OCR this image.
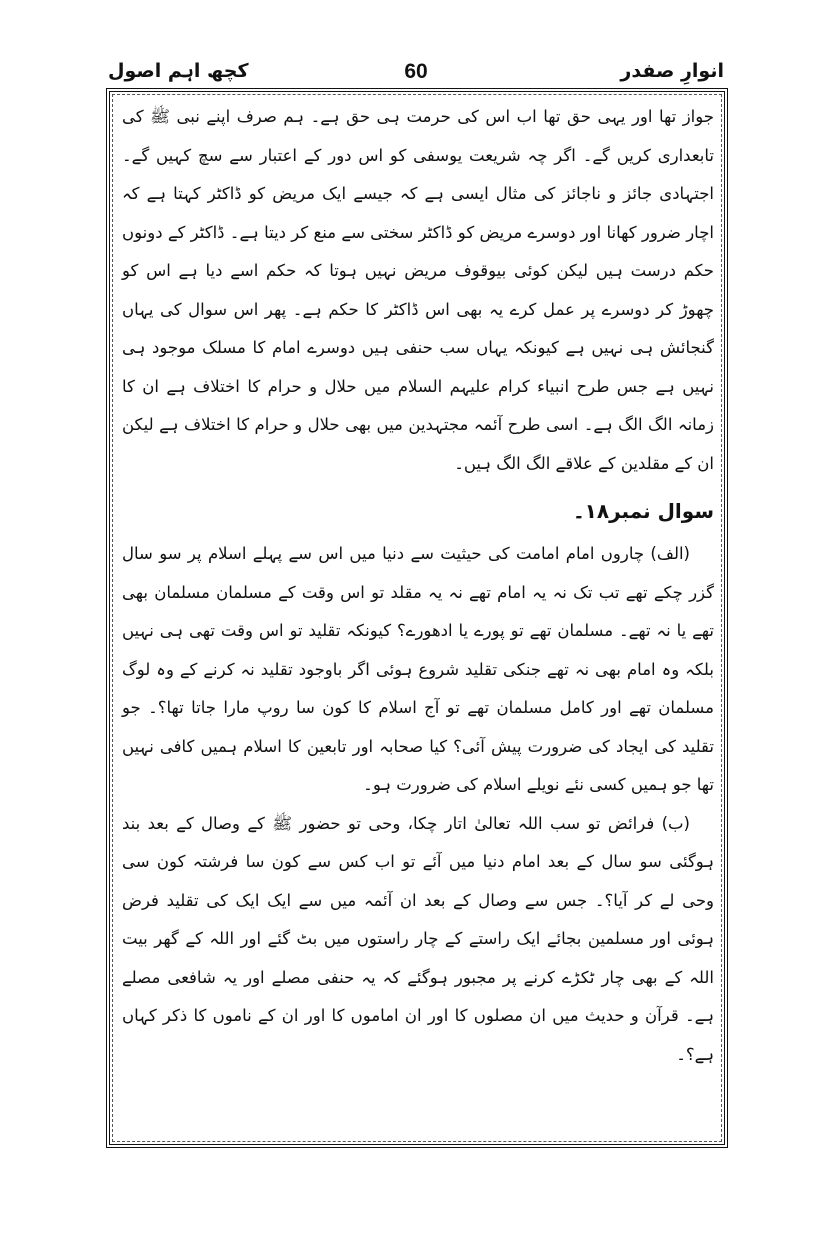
انوارِ صفدر
60
کچھ اہم اصول

جواز تھا اور یہی حق تھا اب اس کی حرمت ہی حق ہے۔ ہم صرف اپنے نبی ﷺ کی تابعداری کریں گے۔ اگر چہ شریعت یوسفی کو اس دور کے اعتبار سے سچ کہیں گے۔ اجتہادی جائز و ناجائز کی مثال ایسی ہے کہ جیسے ایک مریض کو ڈاکٹر کہتا ہے کہ اچار ضرور کھانا اور دوسرے مریض کو ڈاکٹر سختی سے منع کر دیتا ہے۔ ڈاکٹر کے دونوں حکم درست ہیں لیکن کوئی بیوقوف مریض نہیں ہوتا کہ حکم اسے دیا ہے اس کو چھوڑ کر دوسرے پر عمل کرے یہ بھی اس ڈاکٹر کا حکم ہے۔ پھر اس سوال کی یہاں گنجائش ہی نہیں ہے کیونکہ یہاں سب حنفی ہیں دوسرے امام کا مسلک موجود ہی نہیں ہے جس طرح انبیاء کرام علیہم السلام میں حلال و حرام کا اختلاف ہے ان کا زمانہ الگ الگ ہے۔ اسی طرح آئمہ مجتہدین میں بھی حلال و حرام کا اختلاف ہے لیکن ان کے مقلدین کے علاقے الگ الگ ہیں۔

سوال نمبر۱۸۔

(الف) چاروں امام امامت کی حیثیت سے دنیا میں اس سے پہلے اسلام پر سو سال گزر چکے تھے تب تک نہ یہ امام تھے نہ یہ مقلد تو اس وقت کے مسلمان مسلمان بھی تھے یا نہ تھے۔ مسلمان تھے تو پورے یا ادھورے؟ کیونکہ تقلید تو اس وقت تھی ہی نہیں بلکہ وہ امام بھی نہ تھے جنکی تقلید شروع ہوئی اگر باوجود تقلید نہ کرنے کے وہ لوگ مسلمان تھے اور کامل مسلمان تھے تو آج اسلام کا کون سا روپ مارا جاتا تھا؟۔ جو تقلید کی ایجاد کی ضرورت پیش آئی؟ کیا صحابہ اور تابعین کا اسلام ہمیں کافی نہیں تھا جو ہمیں کسی نئے نویلے اسلام کی ضرورت ہو۔

(ب) فرائض تو سب اللہ تعالیٰ اتار چکا، وحی تو حضور ﷺ کے وصال کے بعد بند ہوگئی سو سال کے بعد امام دنیا میں آئے تو اب کس سے کون سا فرشتہ کون سی وحی لے کر آیا؟۔ جس سے وصال کے بعد ان آئمہ میں سے ایک ایک کی تقلید فرض ہوئی اور مسلمین بجائے ایک راستے کے چار راستوں میں بٹ گئے اور اللہ کے گھر بیت اللہ کے بھی چار ٹکڑے کرنے پر مجبور ہوگئے کہ یہ حنفی مصلے اور یہ شافعی مصلے ہے۔ قرآن و حدیث میں ان مصلوں کا اور ان اماموں کا اور ان کے ناموں کا ذکر کہاں ہے؟۔
